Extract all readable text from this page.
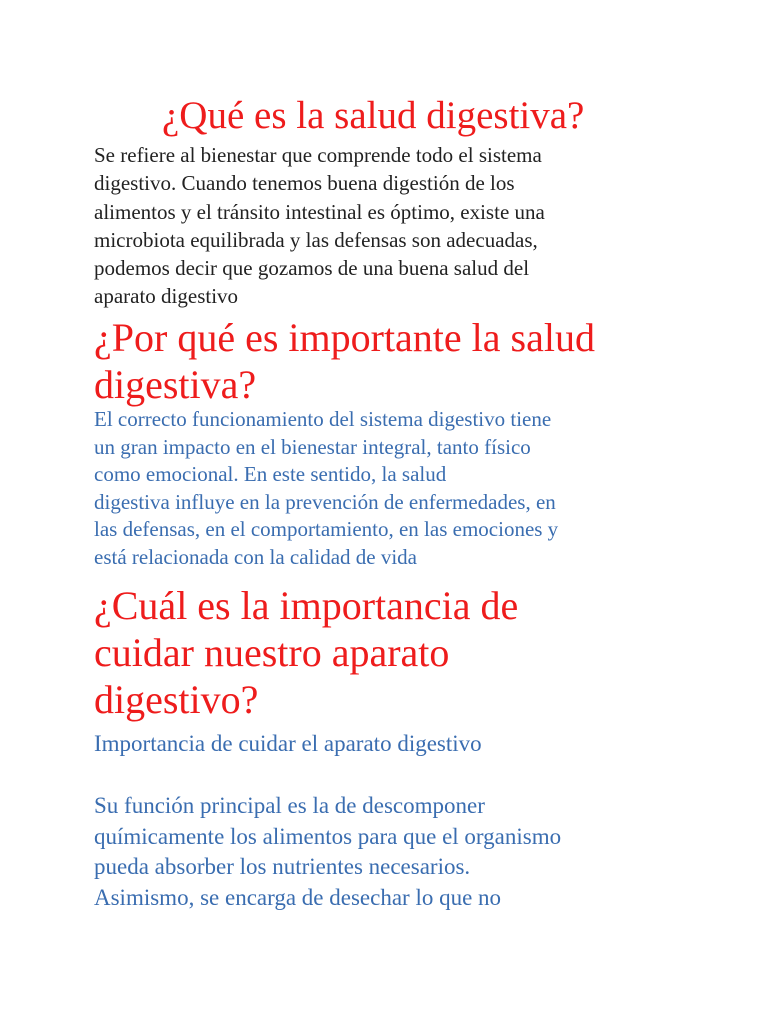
¿Qué es la salud digestiva?

Se refiere al bienestar que comprende todo el sistema
digestivo. Cuando tenemos buena digestión de los
alimentos y el tránsito intestinal es óptimo, existe una
microbiota equilibrada y las defensas son adecuadas,
podemos decir que gozamos de una buena salud del
aparato digestivo

¿Por qué es importante la salud
digestiva?

El correcto funcionamiento del sistema digestivo tiene
un gran impacto en el bienestar integral, tanto físico
como emocional. En este sentido, la salud
digestiva influye en la prevención de enfermedades, en
las defensas, en el comportamiento, en las emociones y
está relacionada con la calidad de vida

¿Cuál es la importancia de
cuidar nuestro aparato
digestivo?

Importancia de cuidar el aparato digestivo

Su función principal es la de descomponer
químicamente los alimentos para que el organismo
pueda absorber los nutrientes necesarios.
Asimismo, se encarga de desechar lo que no
